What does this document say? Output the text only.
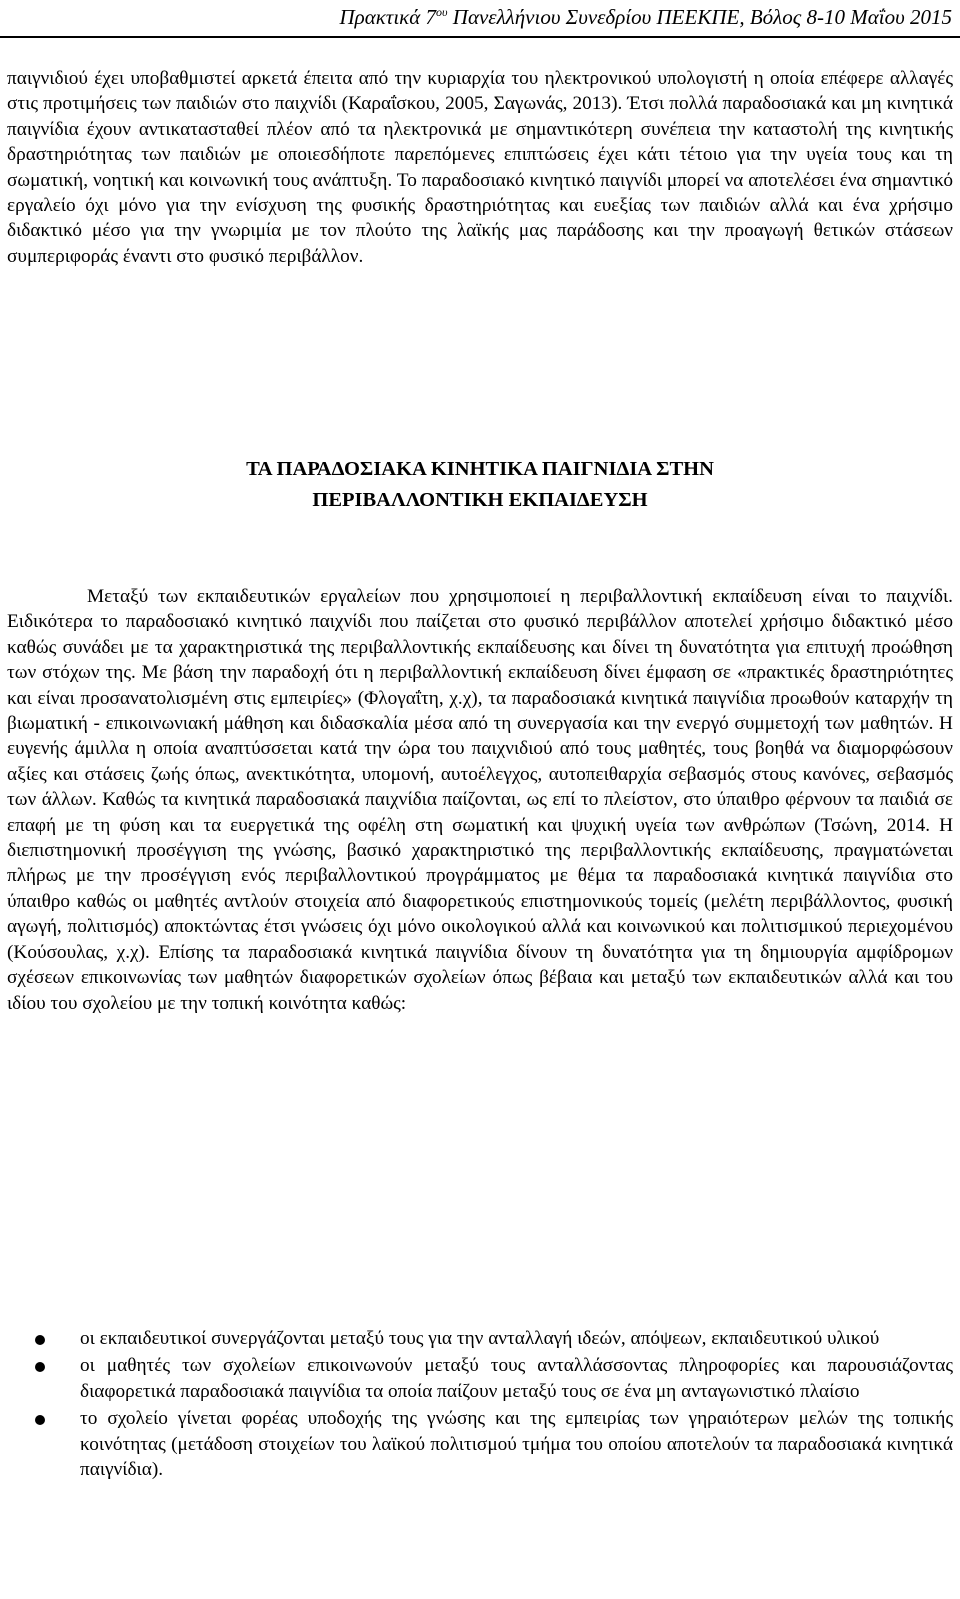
Πρακτικά $7^{o\upsilon}$ Πανελλήνιου Συνεδρίου ΠΕΕΚΠΕ, Βόλος 8-10 Μαΐου 2015

παιγνιδιού έχει υποβαθμιστεί αρκετά έπειτα από την κυριαρχία του ηλεκτρονικού υπολογιστή η οποία επέφερε αλλαγές στις προτιμήσεις των παιδιών στο παιχνίδι (Καραΐσκου, 2005, Σαγωνάς, 2013). Έτσι πολλά παραδοσιακά και μη κινητικά παιγνίδια έχουν αντικατασταθεί πλέον από τα ηλεκτρονικά με σημαντικότερη συνέπεια την καταστολή της κινητικής δραστηριότητας των παιδιών με οποιεσδήποτε παρεπόμενες επιπτώσεις έχει κάτι τέτοιο για την υγεία τους και τη σωματική, νοητική και κοινωνική τους ανάπτυξη. Το παραδοσιακό κινητικό παιγνίδι μπορεί να αποτελέσει ένα σημαντικό εργαλείο όχι μόνο για την ενίσχυση της φυσικής δραστηριότητας και ευεξίας των παιδιών αλλά και ένα χρήσιμο διδακτικό μέσο για την γνωριμία με τον πλούτο της λαϊκής μας παράδοσης και την προαγωγή θετικών στάσεων συμπεριφοράς έναντι στο φυσικό περιβάλλον.

ΤΑ ΠΑΡΑΔΟΣΙΑΚΑ ΚΙΝΗΤΙΚΑ ΠΑΙΓΝΙΔΙΑ ΣΤΗΝ
ΠΕΡΙΒΑΛΛΟΝΤΙΚΗ ΕΚΠΑΙΔΕΥΣΗ

Μεταξύ των εκπαιδευτικών εργαλείων που χρησιμοποιεί η περιβαλλοντική εκπαίδευση είναι το παιχνίδι. Ειδικότερα το παραδοσιακό κινητικό παιχνίδι που παίζεται στο φυσικό περιβάλλον αποτελεί χρήσιμο διδακτικό μέσο καθώς συνάδει με τα χαρακτηριστικά της περιβαλλοντικής εκπαίδευσης και δίνει τη δυνατότητα για επιτυχή προώθηση των στόχων της. Με βάση την παραδοχή ότι η περιβαλλοντική εκπαίδευση δίνει έμφαση σε «πρακτικές δραστηριότητες και είναι προσανατολισμένη στις εμπειρίες» (Φλογαΐτη, χ.χ), τα παραδοσιακά κινητικά παιγνίδια προωθούν καταρχήν τη βιωματική - επικοινωνιακή μάθηση και διδασκαλία μέσα από τη συνεργασία και την ενεργό συμμετοχή των μαθητών. Η ευγενής άμιλλα η οποία αναπτύσσεται κατά την ώρα του παιχνιδιού από τους μαθητές, τους βοηθά να διαμορφώσουν αξίες και στάσεις ζωής όπως, ανεκτικότητα, υπομονή, αυτοέλεγχος, αυτοπειθαρχία σεβασμός στους κανόνες, σεβασμός των άλλων. Καθώς τα κινητικά παραδοσιακά παιχνίδια παίζονται, ως επί το πλείστον, στο ύπαιθρο φέρνουν τα παιδιά σε επαφή με τη φύση και τα ευεργετικά της οφέλη στη σωματική και ψυχική υγεία των ανθρώπων (Τσώνη, 2014. Η διεπιστημονική προσέγγιση της γνώσης, βασικό χαρακτηριστικό της περιβαλλοντικής εκπαίδευσης, πραγματώνεται πλήρως με την προσέγγιση ενός περιβαλλοντικού προγράμματος με θέμα τα παραδοσιακά κινητικά παιγνίδια στο ύπαιθρο καθώς οι μαθητές αντλούν στοιχεία από διαφορετικούς επιστημονικούς τομείς (μελέτη περιβάλλοντος, φυσική αγωγή, πολιτισμός) αποκτώντας έτσι γνώσεις όχι μόνο οικολογικού αλλά και κοινωνικού και πολιτισμικού περιεχομένου (Κούσουλας, χ.χ). Επίσης τα παραδοσιακά κινητικά παιγνίδια δίνουν τη δυνατότητα για τη δημιουργία αμφίδρομων σχέσεων επικοινωνίας των μαθητών διαφορετικών σχολείων όπως βέβαια και μεταξύ των εκπαιδευτικών αλλά και του ιδίου του σχολείου με την τοπική κοινότητα καθώς:

οι εκπαιδευτικοί συνεργάζονται μεταξύ τους για την ανταλλαγή ιδεών, απόψεων, εκπαιδευτικού υλικού
οι μαθητές των σχολείων επικοινωνούν μεταξύ τους ανταλλάσσοντας πληροφορίες και παρουσιάζοντας διαφορετικά παραδοσιακά παιγνίδια τα οποία παίζουν μεταξύ τους σε ένα μη ανταγωνιστικό πλαίσιο
το σχολείο γίνεται φορέας υποδοχής της γνώσης και της εμπειρίας των γηραιότερων μελών της τοπικής κοινότητας (μετάδοση στοιχείων του λαϊκού πολιτισμού τμήμα του οποίου αποτελούν τα παραδοσιακά κινητικά παιγνίδια).
